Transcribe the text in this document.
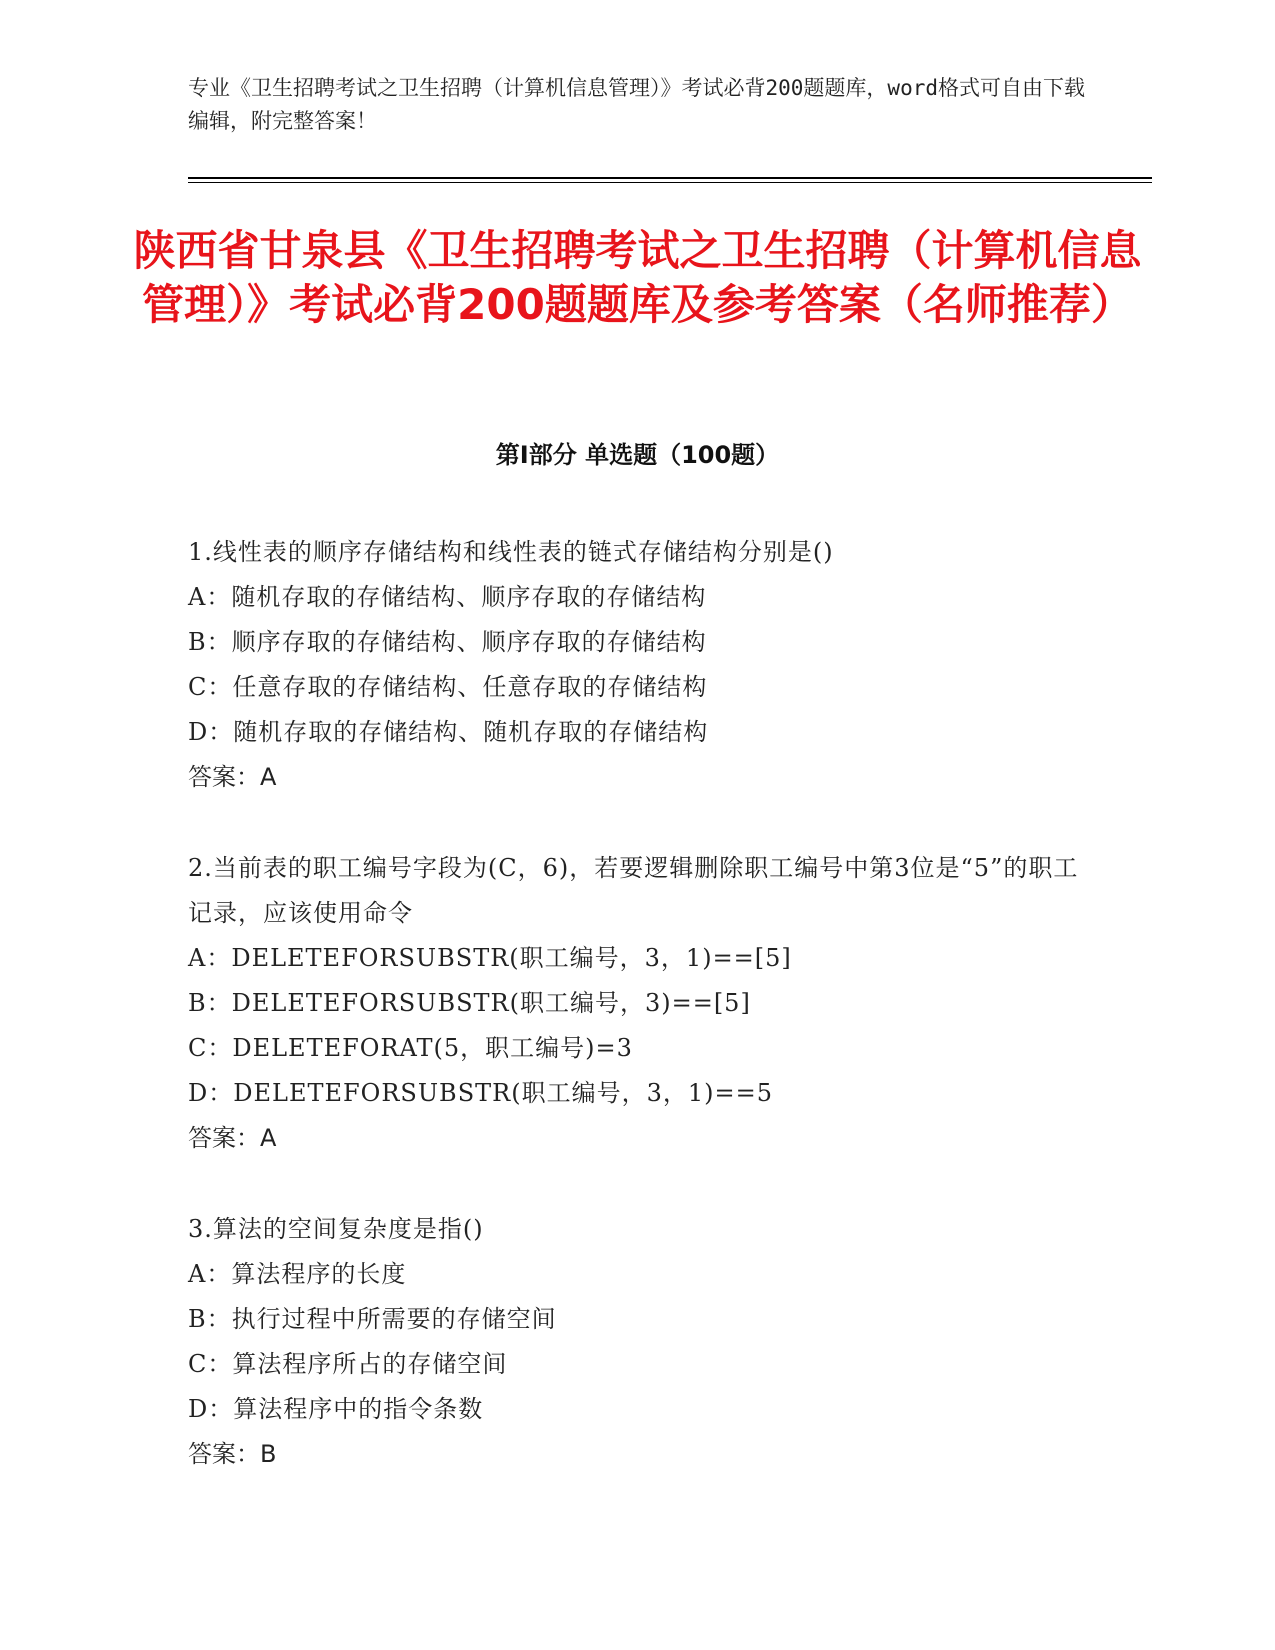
专业《卫生招聘考试之卫生招聘（计算机信息管理）》考试必背200题题库，word格式可自由下载编辑，附完整答案！
陕西省甘泉县《卫生招聘考试之卫生招聘（计算机信息管理）》考试必背200题题库及参考答案（名师推荐）
第Ⅰ部分 单选题（100题）
1.线性表的顺序存储结构和线性表的链式存储结构分别是()
A：随机存取的存储结构、顺序存取的存储结构
B：顺序存取的存储结构、顺序存取的存储结构
C：任意存取的存储结构、任意存取的存储结构
D：随机存取的存储结构、随机存取的存储结构
答案：A
2.当前表的职工编号字段为(C，6)，若要逻辑删除职工编号中第3位是“5”的职工记录，应该使用命令
A：DELETEFORSUBSTR(职工编号，3，1)==[5]
B：DELETEFORSUBSTR(职工编号，3)==[5]
C：DELETEFORAT(5，职工编号)=3
D：DELETEFORSUBSTR(职工编号，3，1)==5
答案：A
3.算法的空间复杂度是指()
A：算法程序的长度
B：执行过程中所需要的存储空间
C：算法程序所占的存储空间
D：算法程序中的指令条数
答案：B
